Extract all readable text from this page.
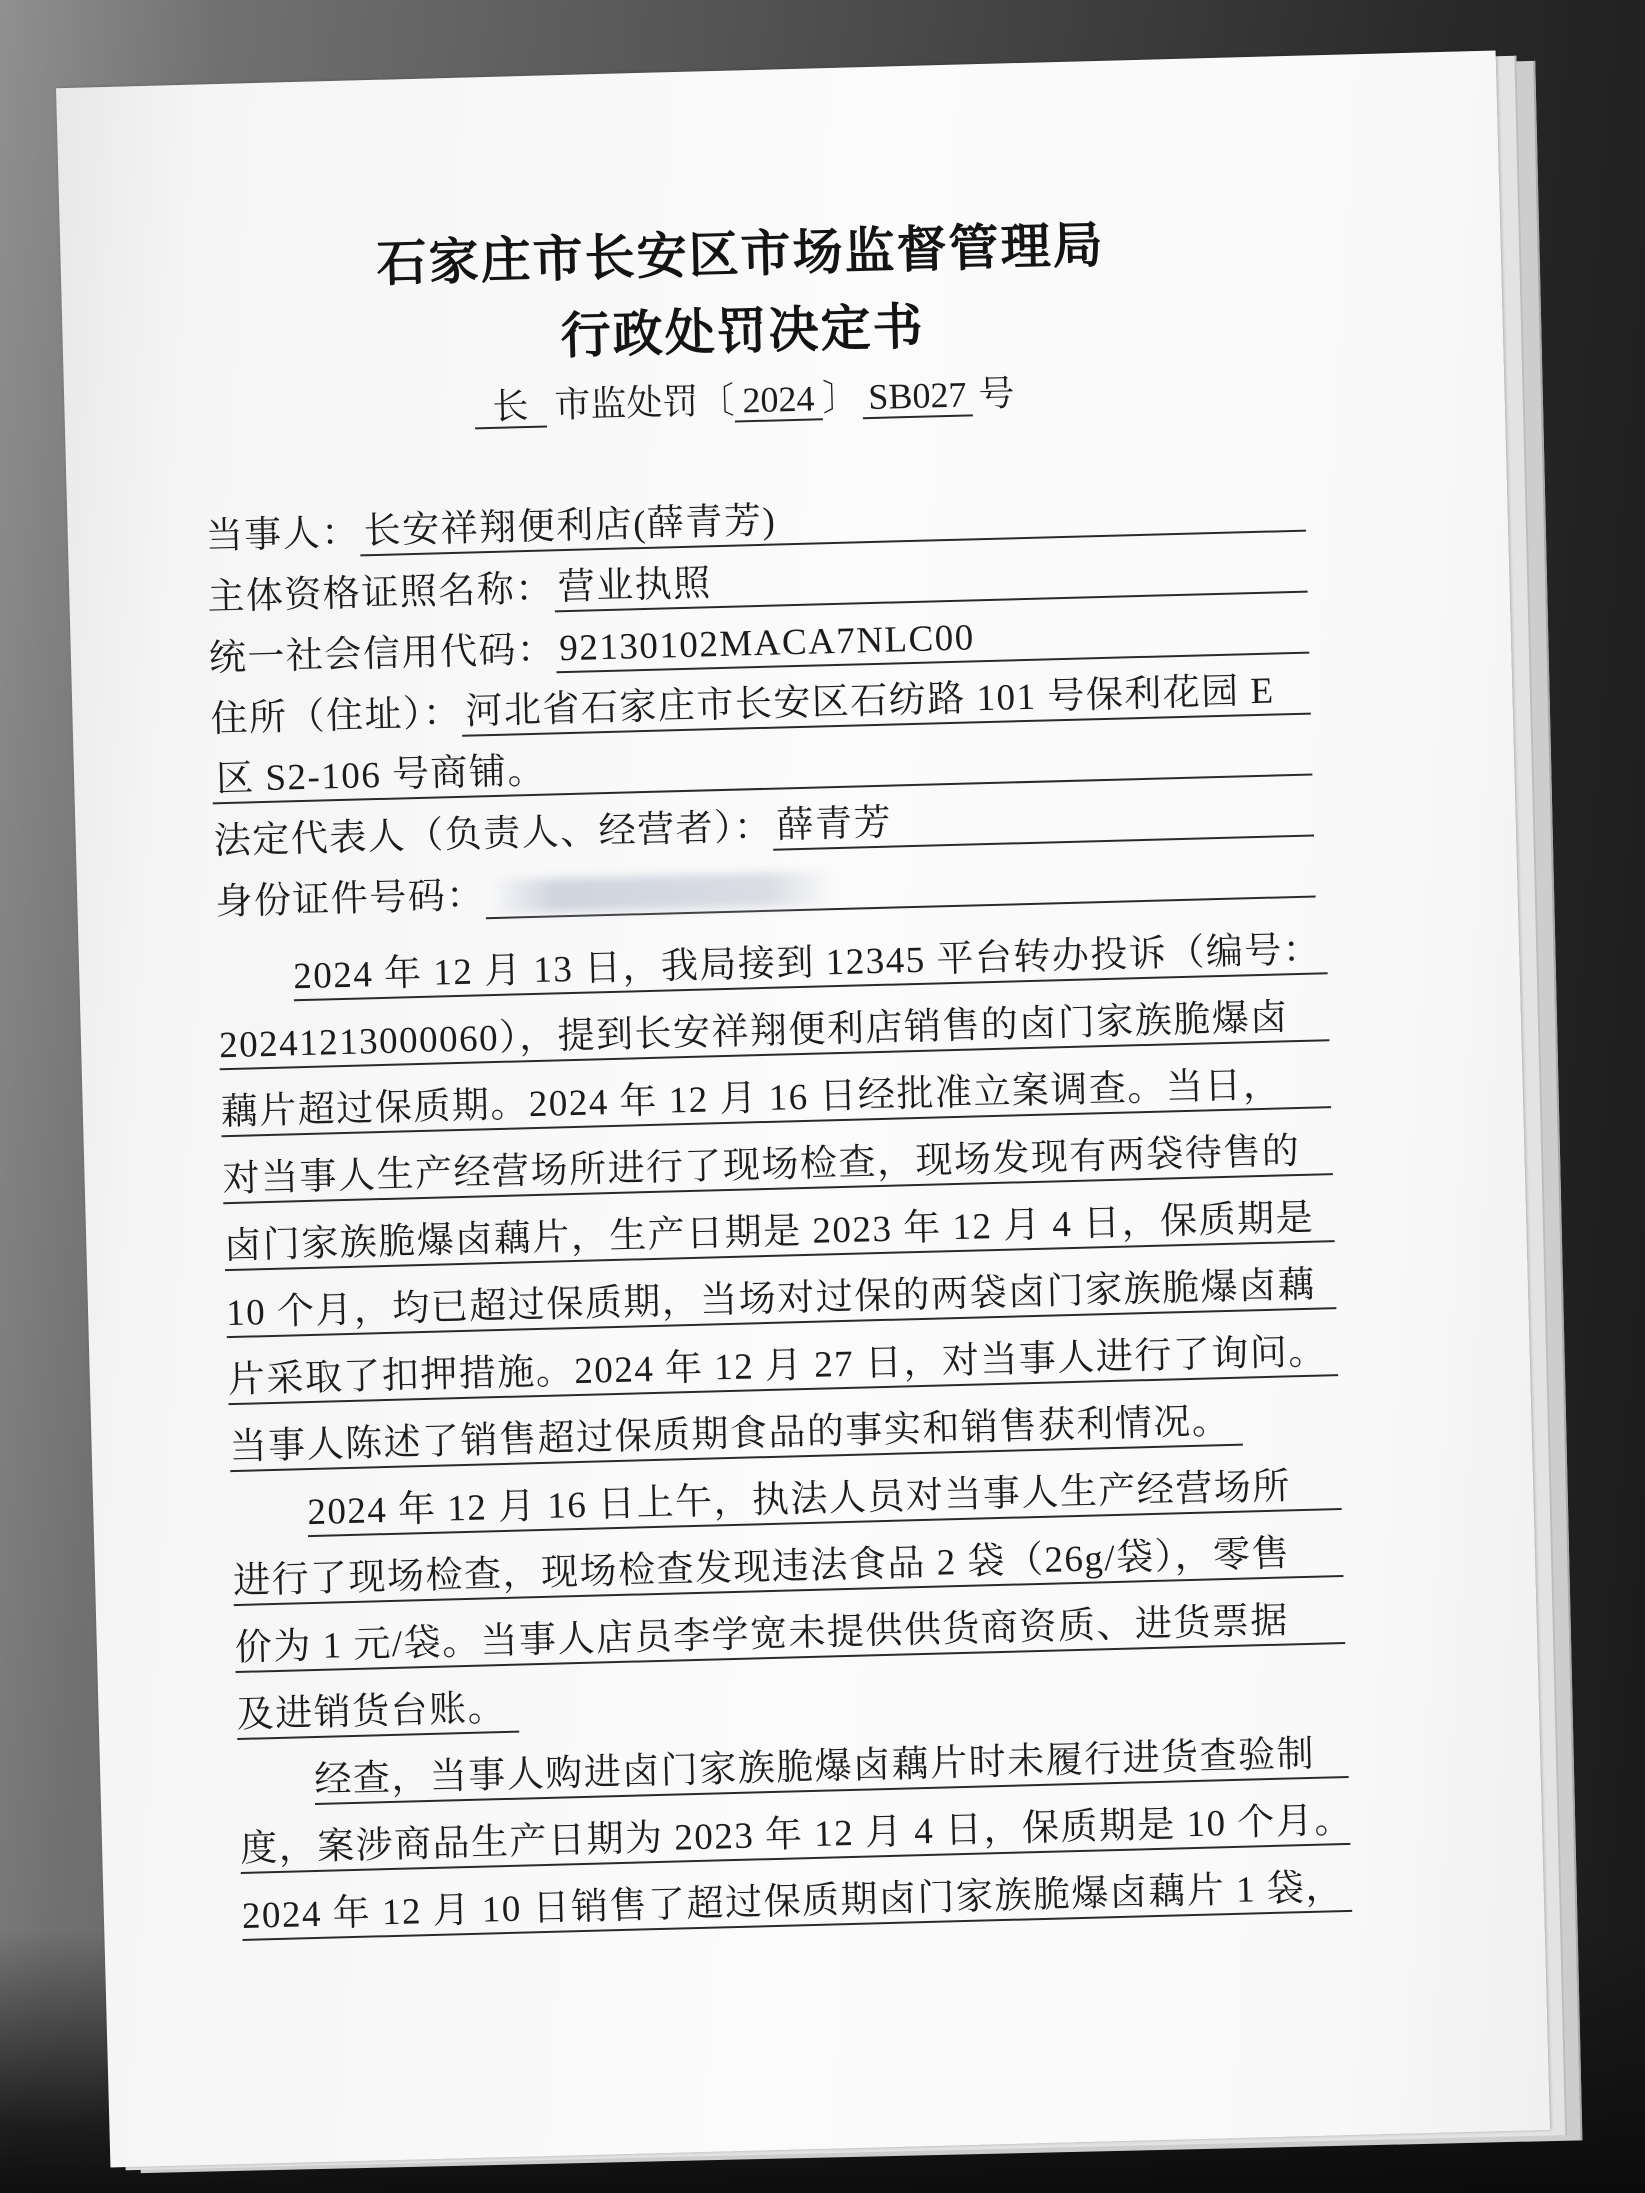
石家庄市长安区市场监督管理局
行政处罚决定书
长 市监处罚〔 2024 〕 SB027 号
当事人： 长安祥翔便利店(薛青芳)
主体资格证照名称： 营业执照
统一社会信用代码： 92130102MACA7NLC00
住所（住址）： 河北省石家庄市长安区石纺路 101 号保利花园 E
区 S2-106 号商铺。
法定代表人（负责人、经营者）： 薛青芳
身份证件号码：
2024 年 12 月 13 日，我局接到 12345 平台转办投诉（编号：
20241213000060），提到长安祥翔便利店销售的卤门家族脆爆卤
藕片超过保质期。2024 年 12 月 16 日经批准立案调查。当日，
对当事人生产经营场所进行了现场检查，现场发现有两袋待售的
卤门家族脆爆卤藕片，生产日期是 2023 年 12 月 4 日，保质期是
10 个月，均已超过保质期，当场对过保的两袋卤门家族脆爆卤藕
片采取了扣押措施。2024 年 12 月 27 日，对当事人进行了询问。
当事人陈述了销售超过保质期食品的事实和销售获利情况。
2024 年 12 月 16 日上午，执法人员对当事人生产经营场所
进行了现场检查，现场检查发现违法食品 2 袋（26g/袋），零售
价为 1 元/袋。当事人店员李学宽未提供供货商资质、进货票据
及进销货台账。
经查，当事人购进卤门家族脆爆卤藕片时未履行进货查验制
度，案涉商品生产日期为 2023 年 12 月 4 日，保质期是 10 个月。
2024 年 12 月 10 日销售了超过保质期卤门家族脆爆卤藕片 1 袋，
